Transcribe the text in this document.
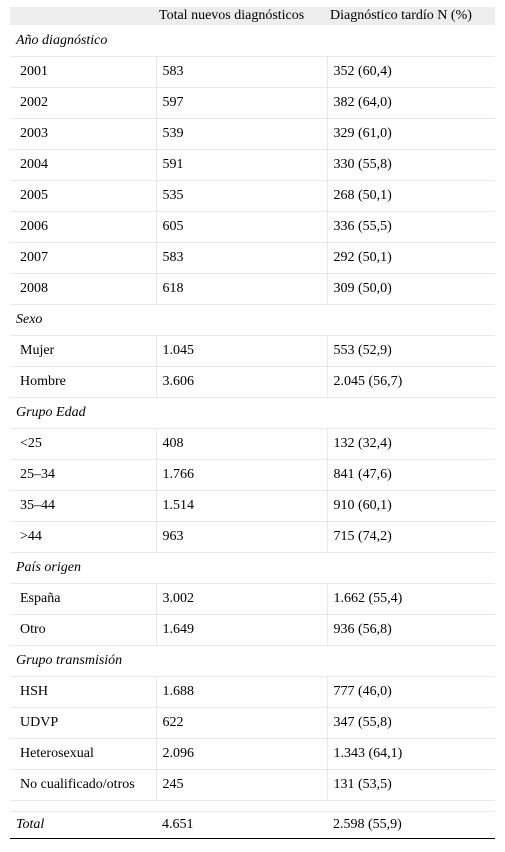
	Total nuevos diagnósticos	Diagnóstico tardío N (%)
Año diagnóstico		
2001	583	352 (60,4)
2002	597	382 (64,0)
2003	539	329 (61,0)
2004	591	330 (55,8)
2005	535	268 (50,1)
2006	605	336 (55,5)
2007	583	292 (50,1)
2008	618	309 (50,0)
Sexo		
Mujer	1.045	553 (52,9)
Hombre	3.606	2.045 (56,7)
Grupo Edad		
<25	408	132 (32,4)
25–34	1.766	841 (47,6)
35–44	1.514	910 (60,1)
>44	963	715 (74,2)
País origen		
España	3.002	1.662 (55,4)
Otro	1.649	936 (56,8)
Grupo transmisión		
HSH	1.688	777 (46,0)
UDVP	622	347 (55,8)
Heterosexual	2.096	1.343 (64,1)
No cualificado/otros	245	131 (53,5)

Total	4.651	2.598 (55,9)
